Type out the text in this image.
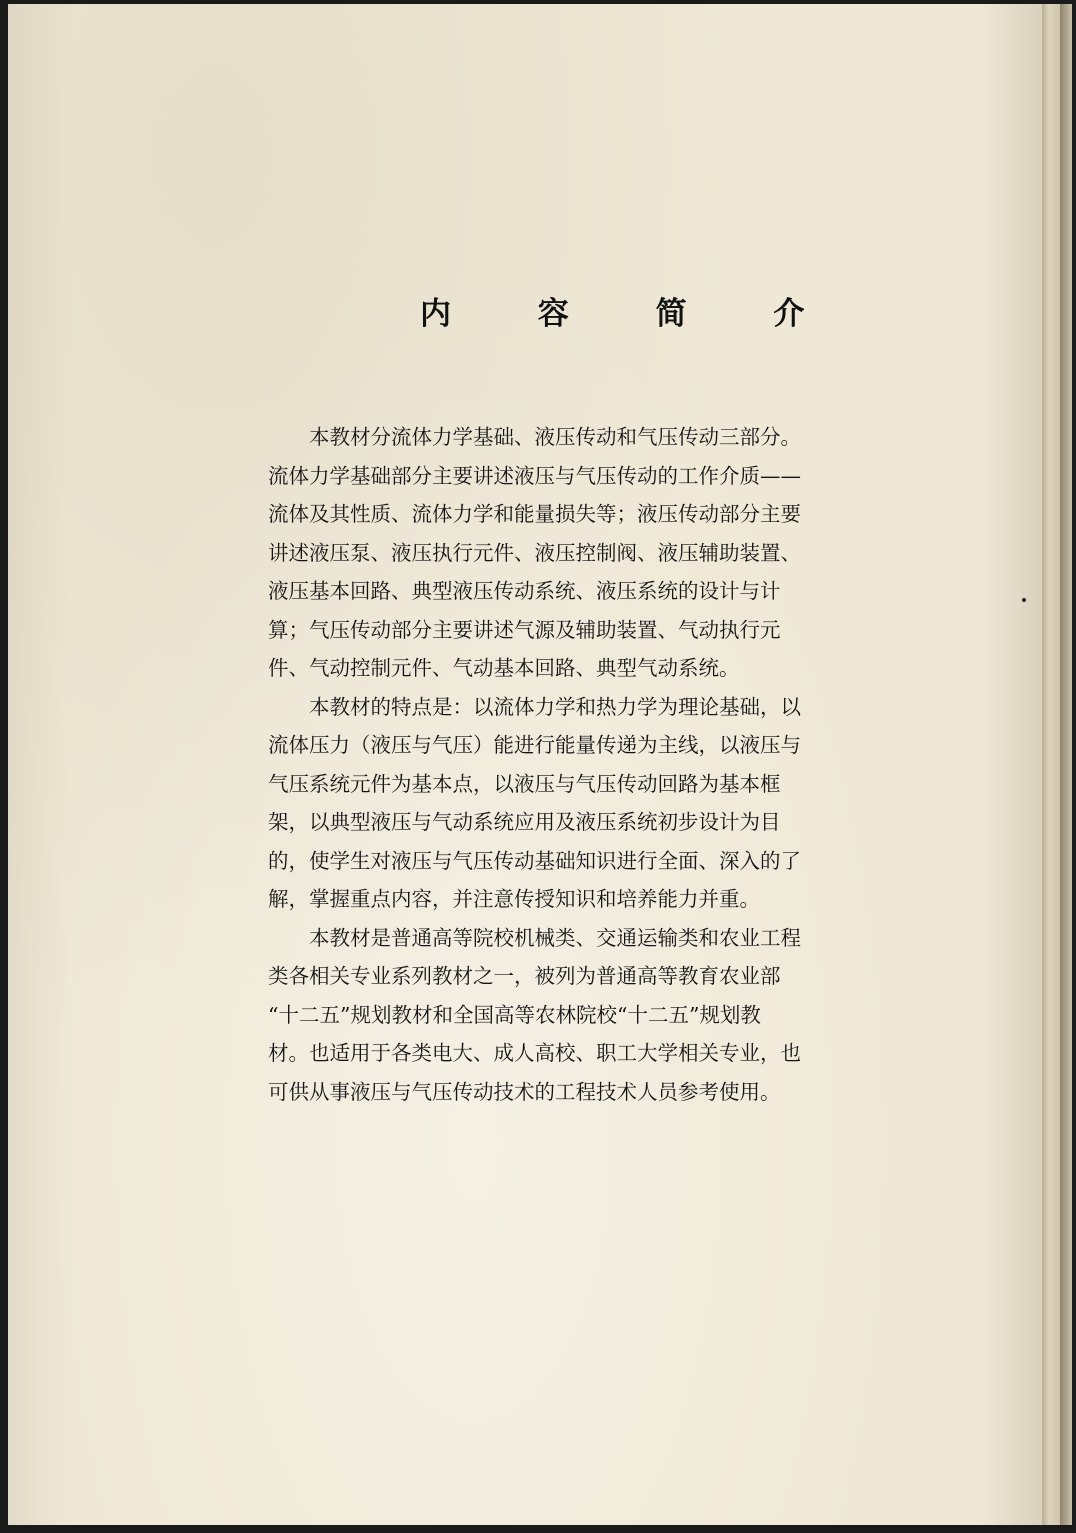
内 容 简 介

本教材分流体力学基础、液压传动和气压传动三部分。
流体力学基础部分主要讲述液压与气压传动的工作介质——
流体及其性质、流体力学和能量损失等；液压传动部分主要
讲述液压泵、液压执行元件、液压控制阀、液压辅助装置、
液压基本回路、典型液压传动系统、液压系统的设计与计
算；气压传动部分主要讲述气源及辅助装置、气动执行元
件、气动控制元件、气动基本回路、典型气动系统。

本教材的特点是：以流体力学和热力学为理论基础，以
流体压力（液压与气压）能进行能量传递为主线，以液压与
气压系统元件为基本点，以液压与气压传动回路为基本框
架，以典型液压与气动系统应用及液压系统初步设计为目
的，使学生对液压与气压传动基础知识进行全面、深入的了
解，掌握重点内容，并注意传授知识和培养能力并重。

本教材是普通高等院校机械类、交通运输类和农业工程
类各相关专业系列教材之一，被列为普通高等教育农业部
“十二五”规划教材和全国高等农林院校“十二五”规划教
材。也适用于各类电大、成人高校、职工大学相关专业，也
可供从事液压与气压传动技术的工程技术人员参考使用。
